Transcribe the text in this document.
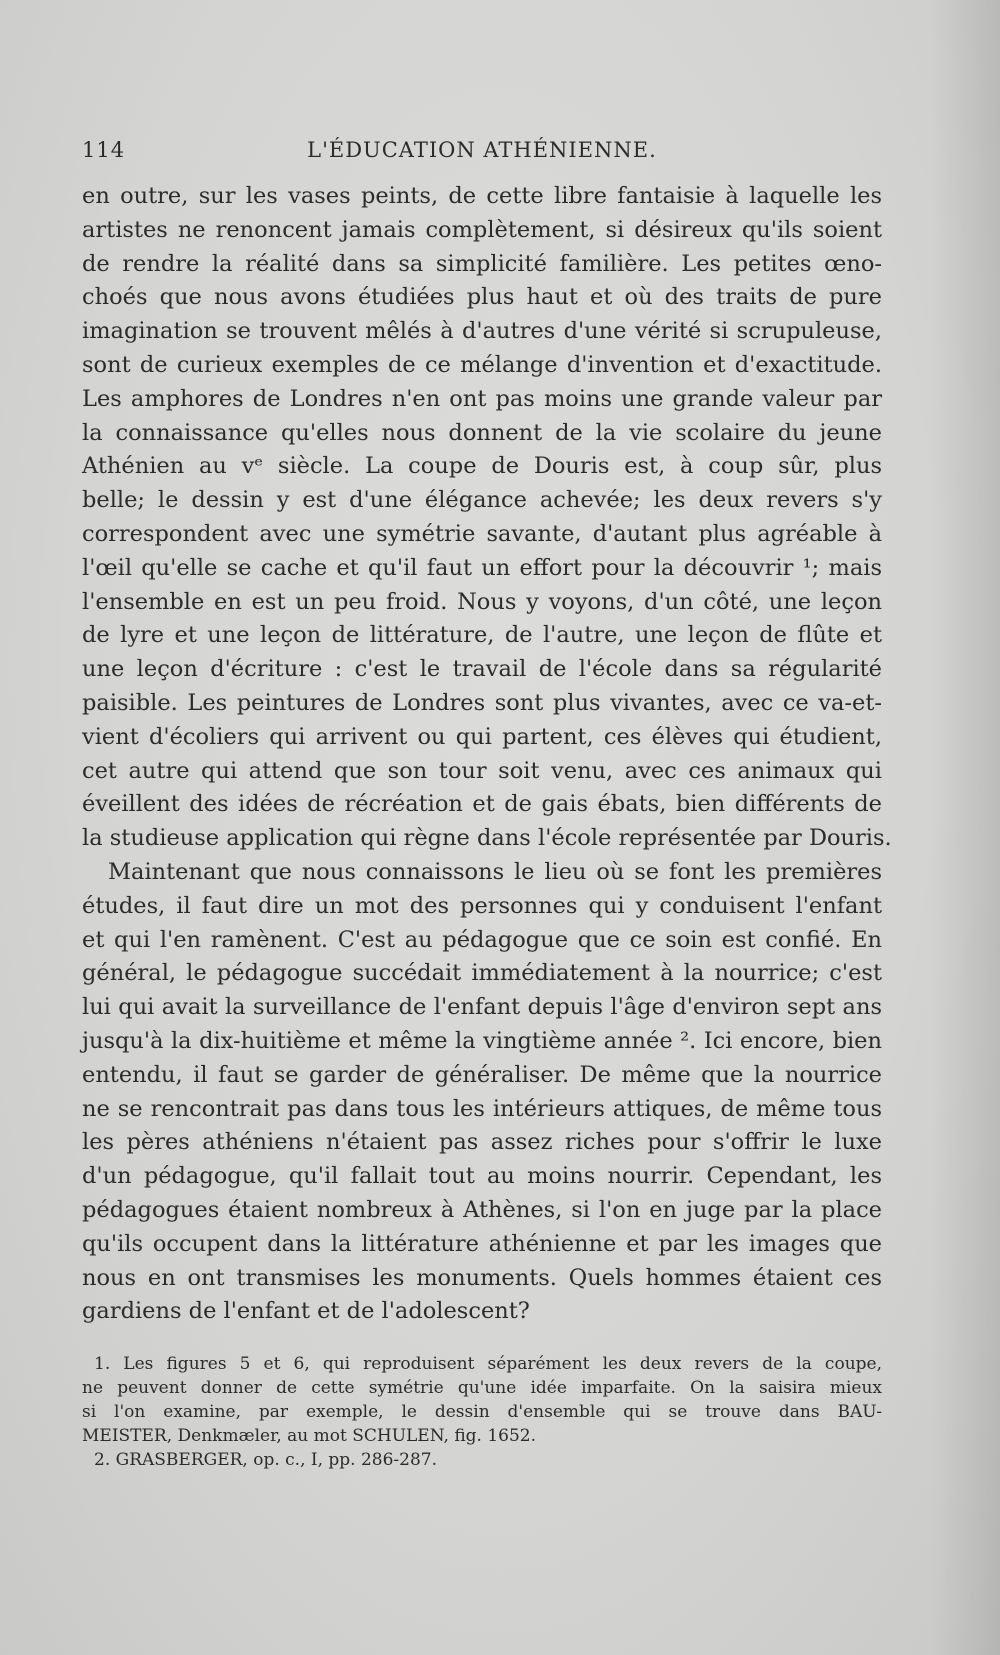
114	L'ÉDUCATION ATHÉNIENNE.
en outre, sur les vases peints, de cette libre fantaisie à laquelle les
artistes ne renoncent jamais complètement, si désireux qu'ils soient
de rendre la réalité dans sa simplicité familière. Les petites œno-
choés que nous avons étudiées plus haut et où des traits de pure
imagination se trouvent mêlés à d'autres d'une vérité si scrupuleuse,
sont de curieux exemples de ce mélange d'invention et d'exactitude.
Les amphores de Londres n'en ont pas moins une grande valeur par
la connaissance qu'elles nous donnent de la vie scolaire du jeune
Athénien au vᵉ siècle. La coupe de Douris est, à coup sûr, plus
belle; le dessin y est d'une élégance achevée; les deux revers s'y
correspondent avec une symétrie savante, d'autant plus agréable à
l'œil qu'elle se cache et qu'il faut un effort pour la découvrir ¹; mais
l'ensemble en est un peu froid. Nous y voyons, d'un côté, une leçon
de lyre et une leçon de littérature, de l'autre, une leçon de flûte et
une leçon d'écriture : c'est le travail de l'école dans sa régularité
paisible. Les peintures de Londres sont plus vivantes, avec ce va-et-
vient d'écoliers qui arrivent ou qui partent, ces élèves qui étudient,
cet autre qui attend que son tour soit venu, avec ces animaux qui
éveillent des idées de récréation et de gais ébats, bien différents de
la studieuse application qui règne dans l'école représentée par Douris.
Maintenant que nous connaissons le lieu où se font les premières
études, il faut dire un mot des personnes qui y conduisent l'enfant
et qui l'en ramènent. C'est au pédagogue que ce soin est confié. En
général, le pédagogue succédait immédiatement à la nourrice; c'est
lui qui avait la surveillance de l'enfant depuis l'âge d'environ sept ans
jusqu'à la dix-huitième et même la vingtième année ². Ici encore, bien
entendu, il faut se garder de généraliser. De même que la nourrice
ne se rencontrait pas dans tous les intérieurs attiques, de même tous
les pères athéniens n'étaient pas assez riches pour s'offrir le luxe
d'un pédagogue, qu'il fallait tout au moins nourrir. Cependant, les
pédagogues étaient nombreux à Athènes, si l'on en juge par la place
qu'ils occupent dans la littérature athénienne et par les images que
nous en ont transmises les monuments. Quels hommes étaient ces
gardiens de l'enfant et de l'adolescent?
1. Les figures 5 et 6, qui reproduisent séparément les deux revers de la coupe,
ne peuvent donner de cette symétrie qu'une idée imparfaite. On la saisira mieux
si l'on examine, par exemple, le dessin d'ensemble qui se trouve dans BAU-
MEISTER, Denkmæler, au mot SCHULEN, fig. 1652.
2. GRASBERGER, op. c., I, pp. 286-287.
